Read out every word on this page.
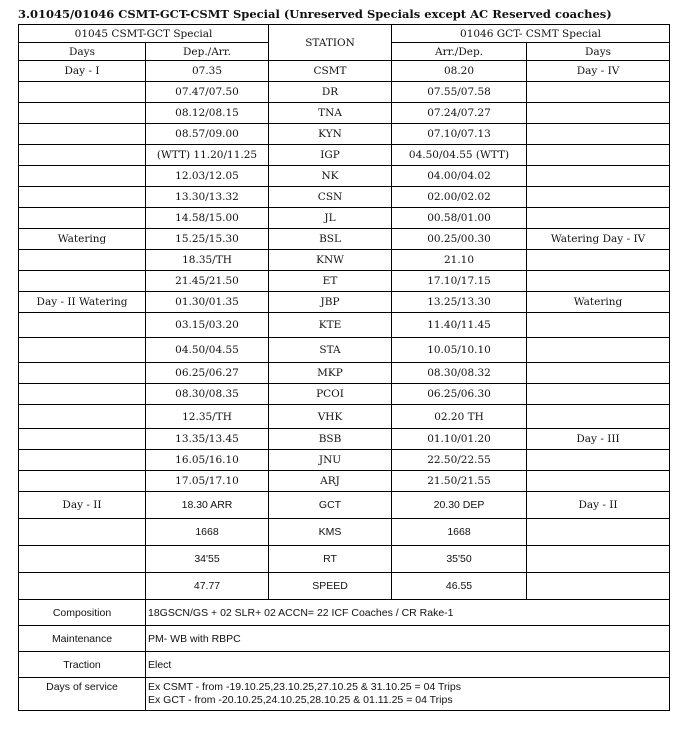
3.01045/01046 CSMT-GCT-CSMT Special (Unreserved Specials except AC Reserved coaches)
01045 CSMT-GCT Special		STATION	01046 GCT- CSMT Special	
Days	Dep./Arr.		Arr./Dep.	Days
Day - I	07.35	CSMT	08.20	Day - IV
	07.47/07.50	DR	07.55/07.58	
	08.12/08.15	TNA	07.24/07.27	
	08.57/09.00	KYN	07.10/07.13	
	(WTT) 11.20/11.25	IGP	04.50/04.55 (WTT)	
	12.03/12.05	NK	04.00/04.02	
	13.30/13.32	CSN	02.00/02.02	
	14.58/15.00	JL	00.58/01.00	
Watering	15.25/15.30	BSL	00.25/00.30	Watering Day - IV
	18.35/TH	KNW	21.10	
	21.45/21.50	ET	17.10/17.15	
Day - II Watering	01.30/01.35	JBP	13.25/13.30	Watering
	03.15/03.20	KTE	11.40/11.45	
	04.50/04.55	STA	10.05/10.10	
	06.25/06.27	MKP	08.30/08.32	
	08.30/08.35	PCOI	06.25/06.30	
	12.35/TH	VHK	02.20 TH	
	13.35/13.45	BSB	01.10/01.20	Day - III
	16.05/16.10	JNU	22.50/22.55	
	17.05/17.10	ARJ	21.50/21.55	
Day - II	18.30 ARR	GCT	20.30 DEP	Day - II
	1668	KMS	1668	
	34'55	RT	35'50	
	47.77	SPEED	46.55	
Composition	18GSCN/GS + 02 SLR+ 02 ACCN= 22 ICF Coaches / CR Rake-1			
Maintenance	PM- WB with RBPC			
Traction	Elect			
Days of service	Ex CSMT - from -19.10.25,23.10.25,27.10.25 & 31.10.25 = 04 Trips
Ex GCT - from -20.10.25,24.10.25,28.10.25 & 01.11.25 = 04 Trips			
